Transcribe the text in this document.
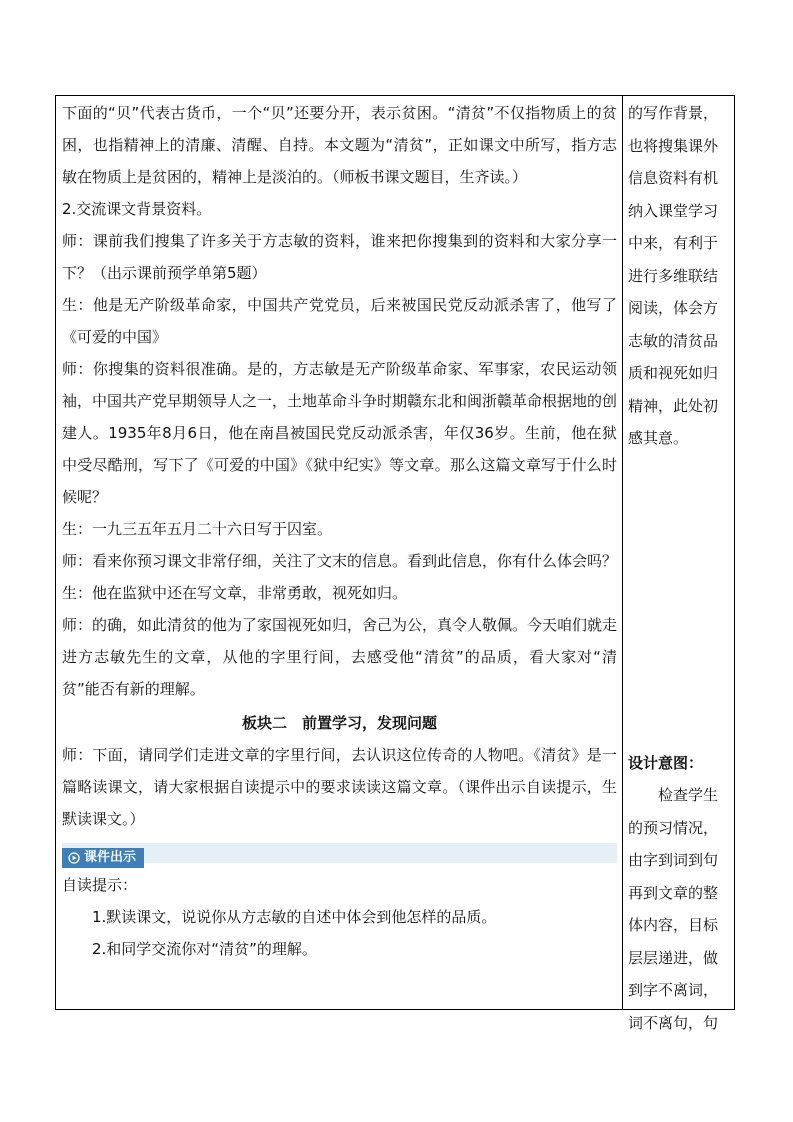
下面的“贝”代表古货币，一个“贝”还要分开，表示贫困。“清贫”不仅指物质上的贫困，也指精神上的清廉、清醒、自持。本文题为“清贫”，正如课文中所写，指方志敏在物质上是贫困的，精神上是淡泊的。（师板书课文题目，生齐读。）

2.交流课文背景资料。

师：课前我们搜集了许多关于方志敏的资料，谁来把你搜集到的资料和大家分享一下？（出示课前预学单第5题）

生：他是无产阶级革命家，中国共产党党员，后来被国民党反动派杀害了，他写了《可爱的中国》

师：你搜集的资料很准确。是的，方志敏是无产阶级革命家、军事家，农民运动领袖，中国共产党早期领导人之一，土地革命斗争时期赣东北和闽浙赣革命根据地的创建人。1935年8月6日，他在南昌被国民党反动派杀害，年仅36岁。生前，他在狱中受尽酷刑，写下了《可爱的中国》《狱中纪实》等文章。那么这篇文章写于什么时候呢？

生：一九三五年五月二十六日写于囚室。

师：看来你预习课文非常仔细，关注了文末的信息。看到此信息，你有什么体会吗？

生：他在监狱中还在写文章，非常勇敢，视死如归。

师：的确，如此清贫的他为了家国视死如归，舍己为公，真令人敬佩。今天咱们就走进方志敏先生的文章，从他的字里行间，去感受他“清贫”的品质，看大家对“清贫”能否有新的理解。

板块二　前置学习，发现问题

师：下面，请同学们走进文章的字里行间，去认识这位传奇的人物吧。《清贫》是一篇略读课文，请大家根据自读提示中的要求读读这篇文章。（课件出示自读提示，生默读课文。）

课件出示

自读提示：

1.默读课文，说说你从方志敏的自述中体会到他怎样的品质。

2.和同学交流你对“清贫”的理解。

的写作背景，也将搜集课外信息资料有机纳入课堂学习中来，有利于进行多维联结阅读，体会方志敏的清贫品质和视死如归精神，此处初感其意。

设计意图：

检查学生的预习情况，由字到词到句再到文章的整体内容，目标层层递进，做到字不离词，词不离句，句
